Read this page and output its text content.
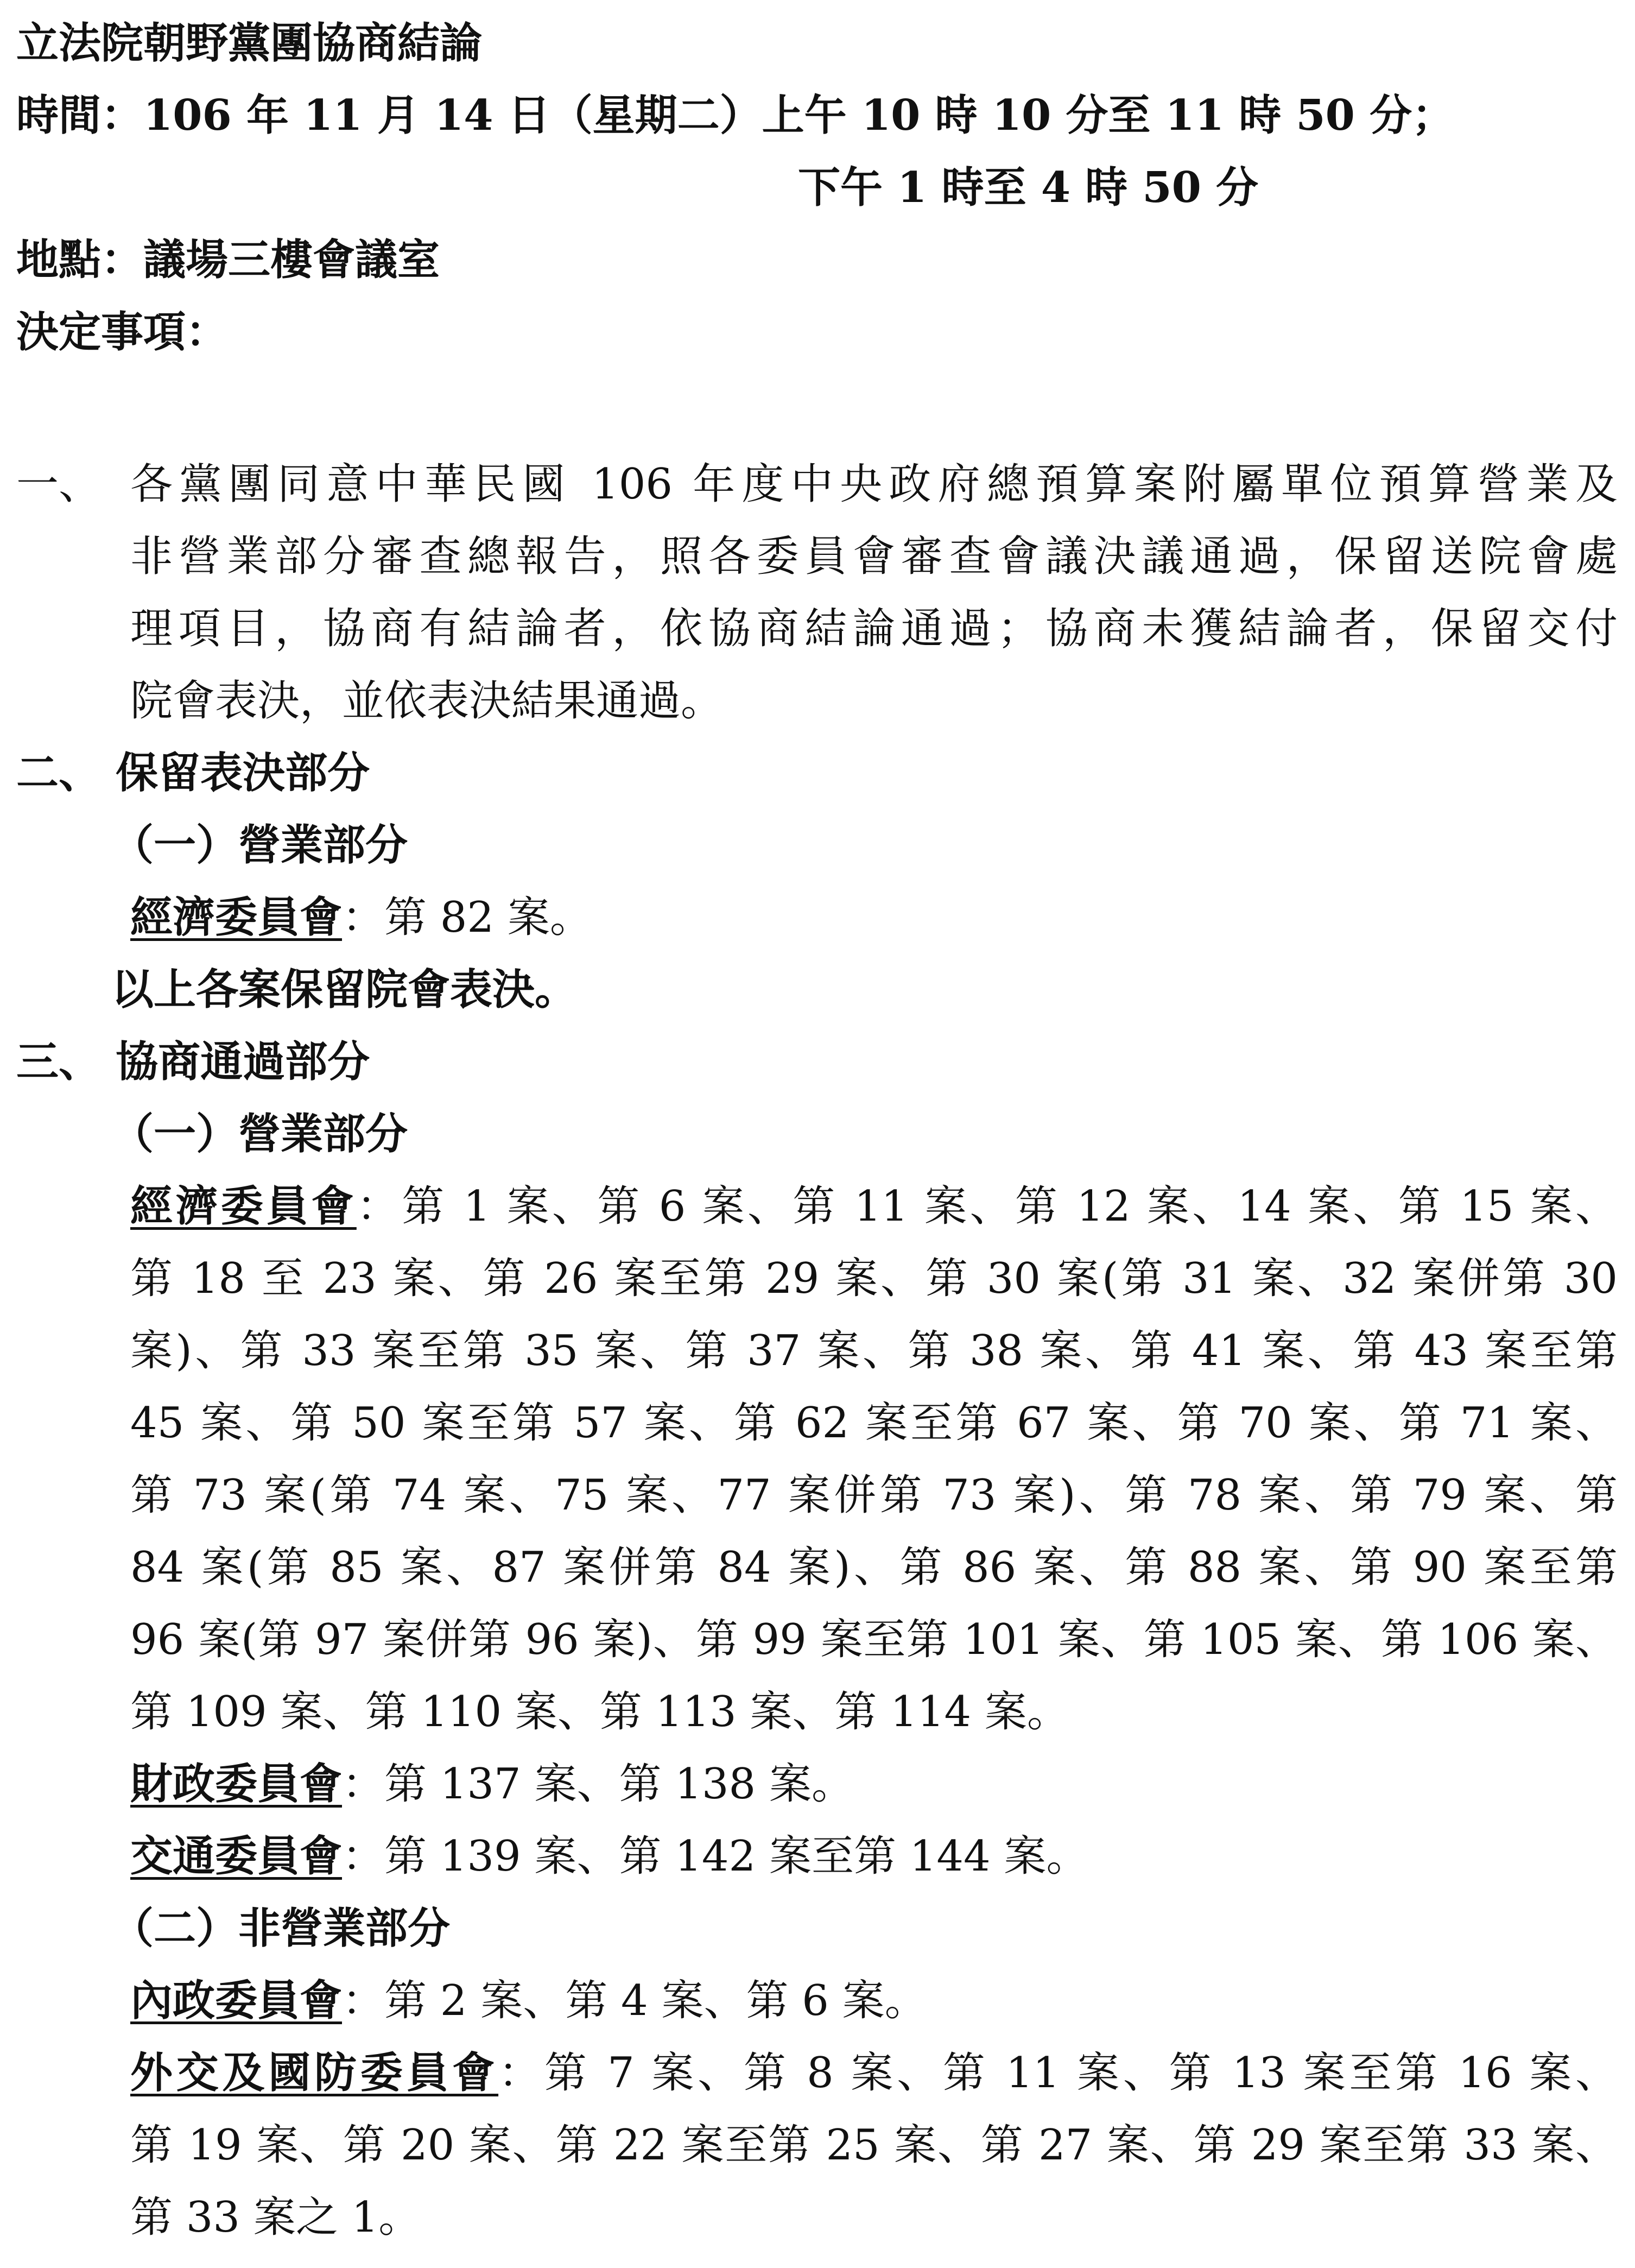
立法院朝野黨團協商結論
時間：106 年 11 月 14 日（星期二）上午 10 時 10 分至 11 時 50 分；
下午 1 時至 4 時 50 分
地點：議場三樓會議室
決定事項：
一、 各黨團同意中華民國 106 年度中央政府總預算案附屬單位預算營業及
非營業部分審查總報告，照各委員會審查會議決議通過，保留送院會處
理項目，協商有結論者，依協商結論通過；協商未獲結論者，保留交付
院會表決，並依表決結果通過。
二、 保留表決部分
（一）營業部分
經濟委員會：第 82 案。
以上各案保留院會表決。
三、 協商通過部分
（一）營業部分
經濟委員會：第 1 案、第 6 案、第 11 案、第 12 案、14 案、第 15 案、
第 18 至 23 案、第 26 案至第 29 案、第 30 案(第 31 案、32 案併第 30
案)、第 33 案至第 35 案、第 37 案、第 38 案、第 41 案、第 43 案至第
45 案、第 50 案至第 57 案、第 62 案至第 67 案、第 70 案、第 71 案、
第 73 案(第 74 案、75 案、77 案併第 73 案)、第 78 案、第 79 案、第
84 案(第 85 案、87 案併第 84 案)、第 86 案、第 88 案、第 90 案至第
96 案(第 97 案併第 96 案)、第 99 案至第 101 案、第 105 案、第 106 案、
第 109 案、第 110 案、第 113 案、第 114 案。
財政委員會：第 137 案、第 138 案。
交通委員會：第 139 案、第 142 案至第 144 案。
（二）非營業部分
內政委員會：第 2 案、第 4 案、第 6 案。
外交及國防委員會：第 7 案、第 8 案、第 11 案、第 13 案至第 16 案、
第 19 案、第 20 案、第 22 案至第 25 案、第 27 案、第 29 案至第 33 案、
第 33 案之 1。
